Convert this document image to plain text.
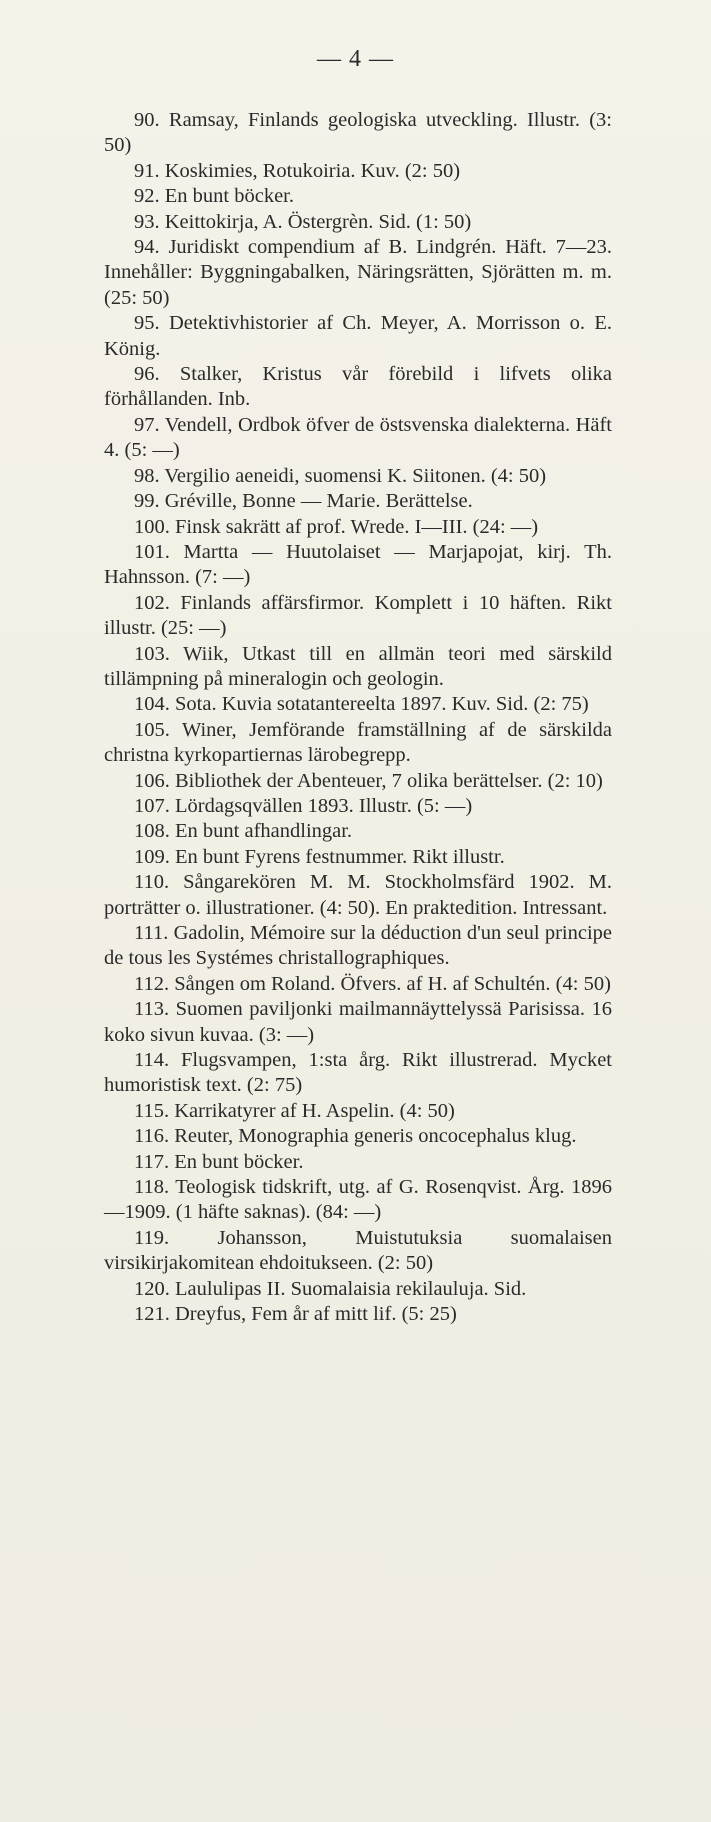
— 4 —

90. Ramsay, Finlands geologiska utveckling. Illustr. (3: 50)

91. Koskimies, Rotukoiria. Kuv. (2: 50)

92. En bunt böcker.

93. Keittokirja, A. Östergrèn. Sid. (1: 50)

94. Juridiskt compendium af B. Lindgrén. Häft. 7—23. Innehåller: Byggningabalken, Näringsrätten, Sjörätten m. m. (25: 50)

95. Detektivhistorier af Ch. Meyer, A. Morrisson o. E. König.

96. Stalker, Kristus vår förebild i lifvets olika förhållanden. Inb.

97. Vendell, Ordbok öfver de östsvenska dialekterna. Häft 4. (5: —)

98. Vergilio aeneidi, suomensi K. Siitonen. (4: 50)

99. Gréville, Bonne — Marie. Berättelse.

100. Finsk sakrätt af prof. Wrede. I—III. (24: —)

101. Martta — Huutolaiset — Marjapojat, kirj. Th. Hahnsson. (7: —)

102. Finlands affärsfirmor. Komplett i 10 häften. Rikt illustr. (25: —)

103. Wiik, Utkast till en allmän teori med särskild tillämpning på mineralogin och geologin.

104. Sota. Kuvia sotatantereelta 1897. Kuv. Sid. (2: 75)

105. Winer, Jemförande framställning af de särskilda christna kyrkopartiernas lärobegrepp.

106. Bibliothek der Abenteuer, 7 olika berättelser. (2: 10)

107. Lördagsqvällen 1893. Illustr. (5: —)

108. En bunt afhandlingar.

109. En bunt Fyrens festnummer. Rikt illustr.

110. Sångarekören M. M. Stockholmsfärd 1902. M. porträtter o. illustrationer. (4: 50). En praktedition. Intressant.

111. Gadolin, Mémoire sur la déduction d'un seul principe de tous les Systémes christallographiques.

112. Sången om Roland. Öfvers. af H. af Schultén. (4: 50)

113. Suomen paviljonki mailmannäyttelyssä Parisissa. 16 koko sivun kuvaa. (3: —)

114. Flugsvampen, 1:sta årg. Rikt illustrerad. Mycket humoristisk text. (2: 75)

115. Karrikatyrer af H. Aspelin. (4: 50)

116. Reuter, Monographia generis oncocephalus klug.

117. En bunt böcker.

118. Teologisk tidskrift, utg. af G. Rosenqvist. Årg. 1896—1909. (1 häfte saknas). (84: —)

119. Johansson, Muistutuksia suomalaisen virsikirjakomitean ehdoitukseen. (2: 50)

120. Laululipas II. Suomalaisia rekilauluja. Sid.

121. Dreyfus, Fem år af mitt lif. (5: 25)
